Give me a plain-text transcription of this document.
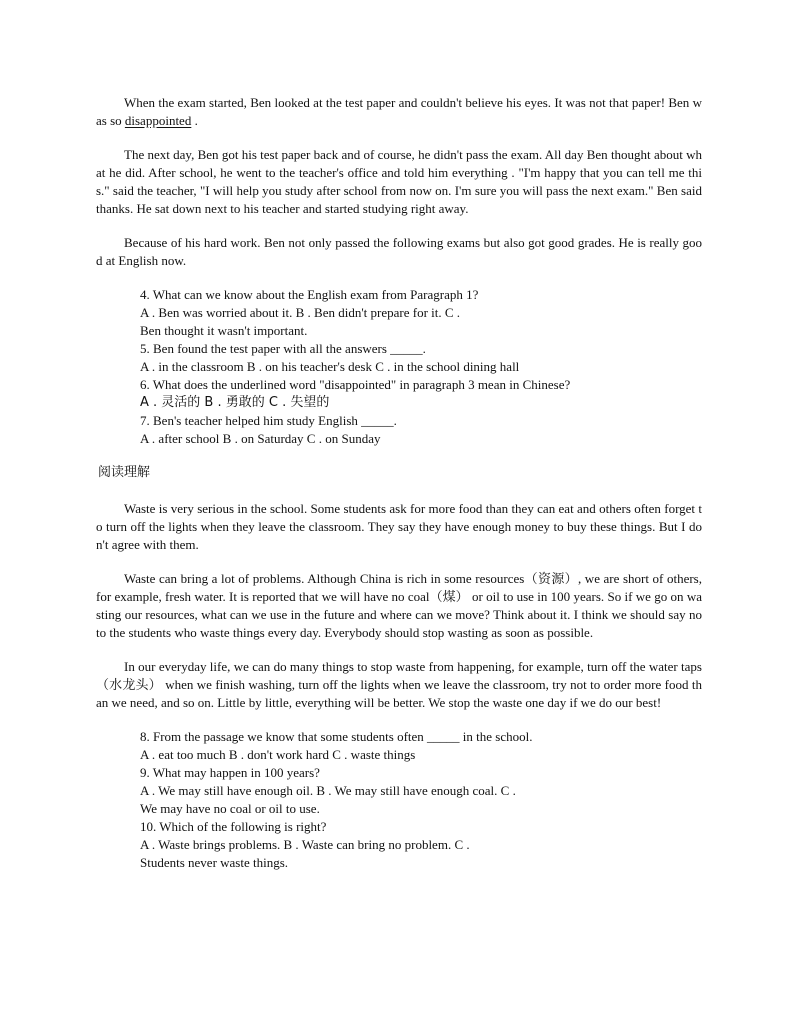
When the exam started, Ben looked at the test paper and couldn't believe his eyes. It was not that paper! Ben was so disappointed .

The next day, Ben got his test paper back and of course, he didn't pass the exam. All day Ben thought about what he did. After school, he went to the teacher's office and told him everything . "I'm happy that you can tell me this." said the teacher, "I will help you study after school from now on. I'm sure you will pass the next exam." Ben said thanks. He sat down next to his teacher and started studying right away.

Because of his hard work. Ben not only passed the following exams but also got good grades. He is really good at English now.

4. What can we know about the English exam from Paragraph 1?
A . Ben was worried about it. B . Ben didn't prepare for it. C .
Ben thought it wasn't important.
5. Ben found the test paper with all the answers _____.
A . in the classroom B . on his teacher's desk C . in the school dining hall
6. What does the underlined word "disappointed" in paragraph 3 mean in Chinese?
A . 灵活的 B . 勇敢的 C . 失望的
7. Ben's teacher helped him study English _____.
A . after school B . on Saturday C . on Sunday
阅读理解

Waste is very serious in the school. Some students ask for more food than they can eat and others often forget to turn off the lights when they leave the classroom. They say they have enough money to buy these things. But I don't agree with them.

Waste can bring a lot of problems. Although China is rich in some resources（资源）, we are short of others, for example, fresh water. It is reported that we will have no coal（煤） or oil to use in 100 years. So if we go on wasting our resources, what can we use in the future and where can we move? Think about it. I think we should say no to the students who waste things every day. Everybody should stop wasting as soon as possible.

In our everyday life, we can do many things to stop waste from happening, for example, turn off the water taps（水龙头） when we finish washing, turn off the lights when we leave the classroom, try not to order more food than we need, and so on. Little by little, everything will be better. We stop the waste one day if we do our best!

8. From the passage we know that some students often _____ in the school.
A . eat too much B . don't work hard C . waste things
9. What may happen in 100 years?
A . We may still have enough oil. B . We may still have enough coal. C .
We may have no coal or oil to use.
10. Which of the following is right?
A . Waste brings problems. B . Waste can bring no problem. C .
Students never waste things.
